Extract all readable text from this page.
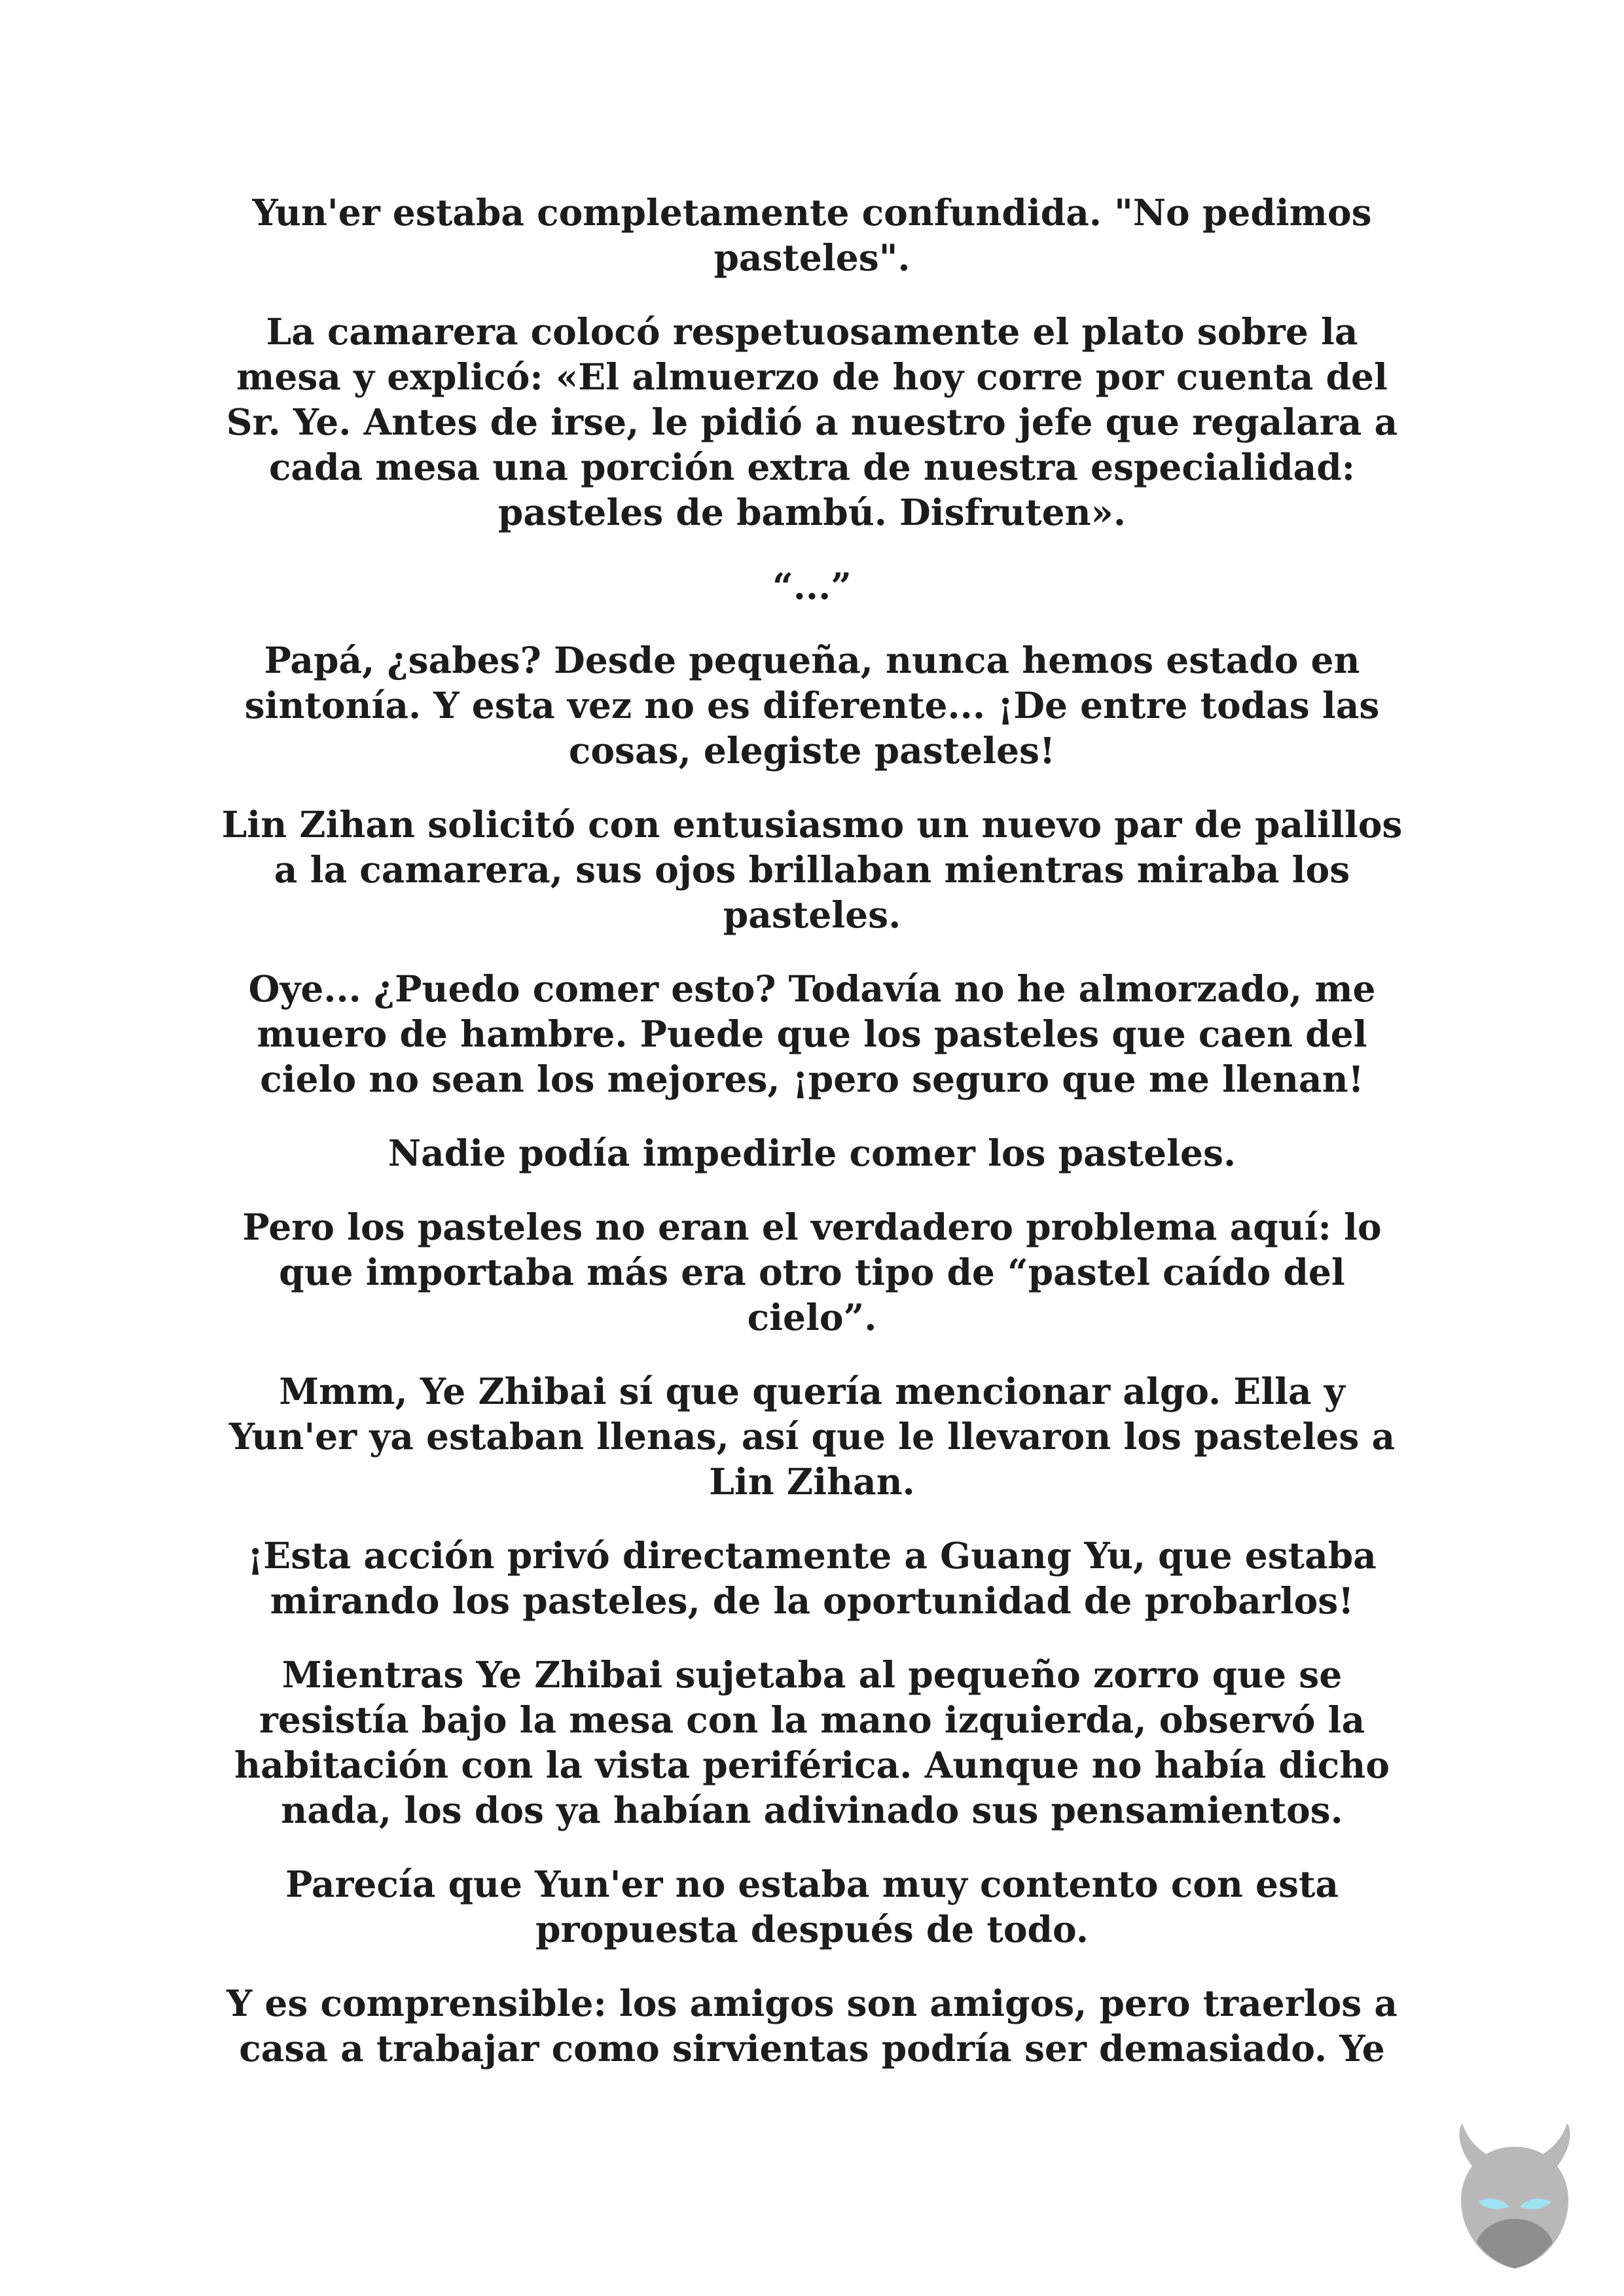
Yun'er estaba completamente confundida. "No pedimos pasteles".

La camarera colocó respetuosamente el plato sobre la mesa y explicó: «El almuerzo de hoy corre por cuenta del Sr. Ye. Antes de irse, le pidió a nuestro jefe que regalara a cada mesa una porción extra de nuestra especialidad: pasteles de bambú. Disfruten».

“...”

Papá, ¿sabes? Desde pequeña, nunca hemos estado en sintonía. Y esta vez no es diferente... ¡De entre todas las cosas, elegiste pasteles!

Lin Zihan solicitó con entusiasmo un nuevo par de palillos a la camarera, sus ojos brillaban mientras miraba los pasteles.

Oye... ¿Puedo comer esto? Todavía no he almorzado, me muero de hambre. Puede que los pasteles que caen del cielo no sean los mejores, ¡pero seguro que me llenan!

Nadie podía impedirle comer los pasteles.

Pero los pasteles no eran el verdadero problema aquí: lo que importaba más era otro tipo de “pastel caído del cielo”.

Mmm, Ye Zhibai sí que quería mencionar algo. Ella y Yun'er ya estaban llenas, así que le llevaron los pasteles a Lin Zihan.

¡Esta acción privó directamente a Guang Yu, que estaba mirando los pasteles, de la oportunidad de probarlos!

Mientras Ye Zhibai sujetaba al pequeño zorro que se resistía bajo la mesa con la mano izquierda, observó la habitación con la vista periférica. Aunque no había dicho nada, los dos ya habían adivinado sus pensamientos.

Parecía que Yun'er no estaba muy contento con esta propuesta después de todo.

Y es comprensible: los amigos son amigos, pero traerlos a casa a trabajar como sirvientas podría ser demasiado. Ye
